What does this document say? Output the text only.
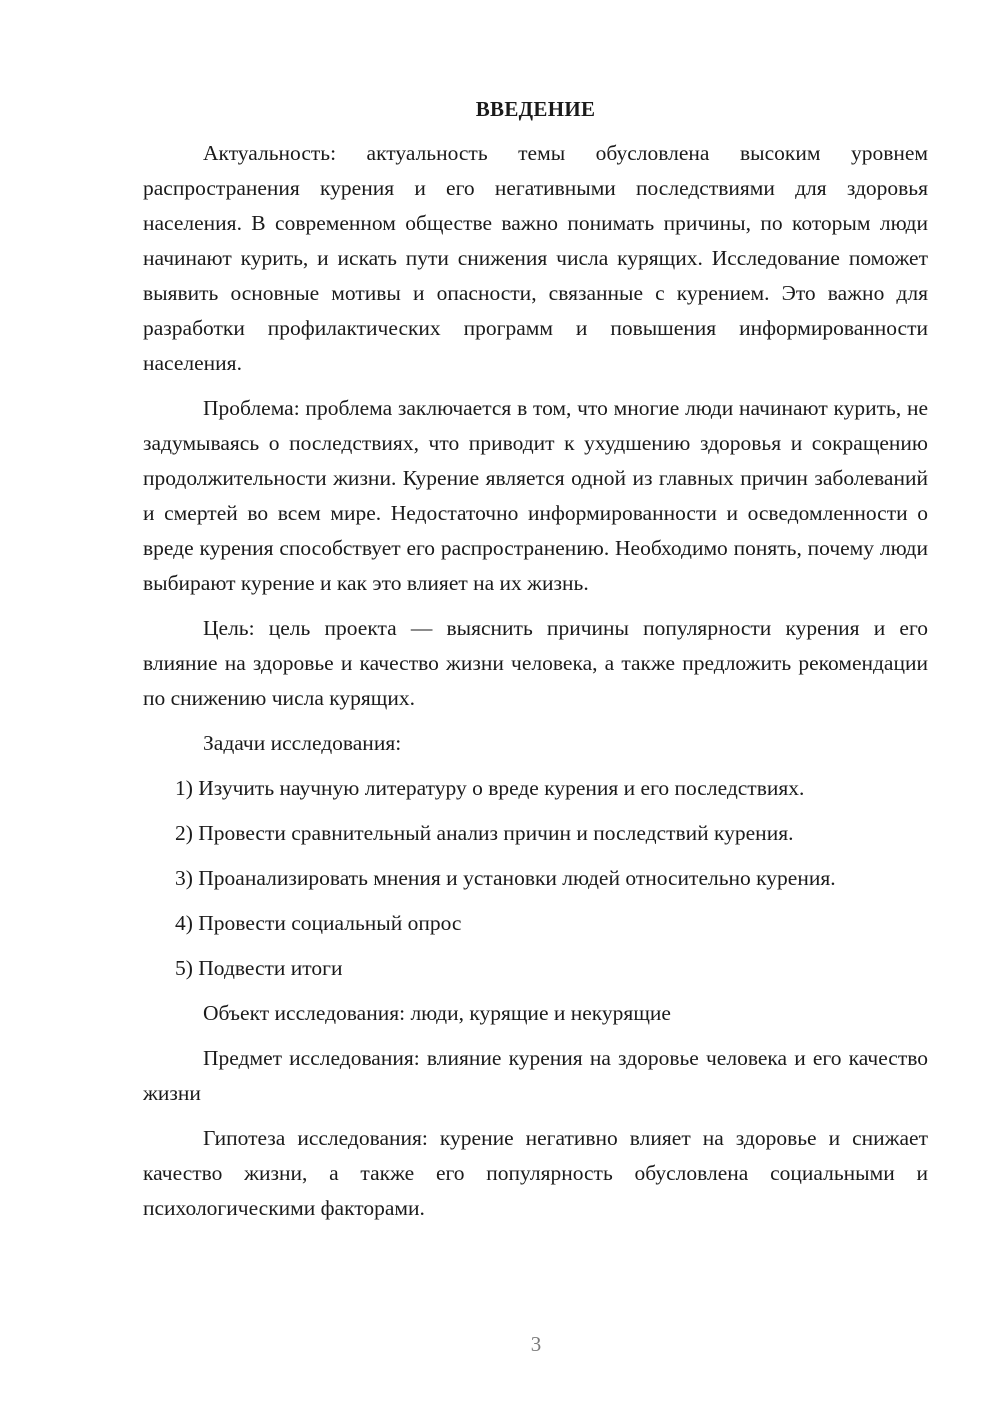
ВВЕДЕНИЕ

Актуальность: актуальность темы обусловлена высоким уровнем распространения курения и его негативными последствиями для здоровья населения. В современном обществе важно понимать причины, по которым люди начинают курить, и искать пути снижения числа курящих. Исследование поможет выявить основные мотивы и опасности, связанные с курением. Это важно для разработки профилактических программ и повышения информированности населения.

Проблема: проблема заключается в том, что многие люди начинают курить, не задумываясь о последствиях, что приводит к ухудшению здоровья и сокращению продолжительности жизни. Курение является одной из главных причин заболеваний и смертей во всем мире. Недостаточно информированности и осведомленности о вреде курения способствует его распространению. Необходимо понять, почему люди выбирают курение и как это влияет на их жизнь.

Цель: цель проекта — выяснить причины популярности курения и его влияние на здоровье и качество жизни человека, а также предложить рекомендации по снижению числа курящих.

Задачи исследования:

1) Изучить научную литературу о вреде курения и его последствиях.

2) Провести сравнительный анализ причин и последствий курения.

3) Проанализировать мнения и установки людей относительно курения.

4) Провести социальный опрос

5) Подвести итоги

Объект исследования: люди, курящие и некурящие

Предмет исследования: влияние курения на здоровье человека и его качество жизни

Гипотеза исследования: курение негативно влияет на здоровье и снижает качество жизни, а также его популярность обусловлена социальными и психологическими факторами.

3
